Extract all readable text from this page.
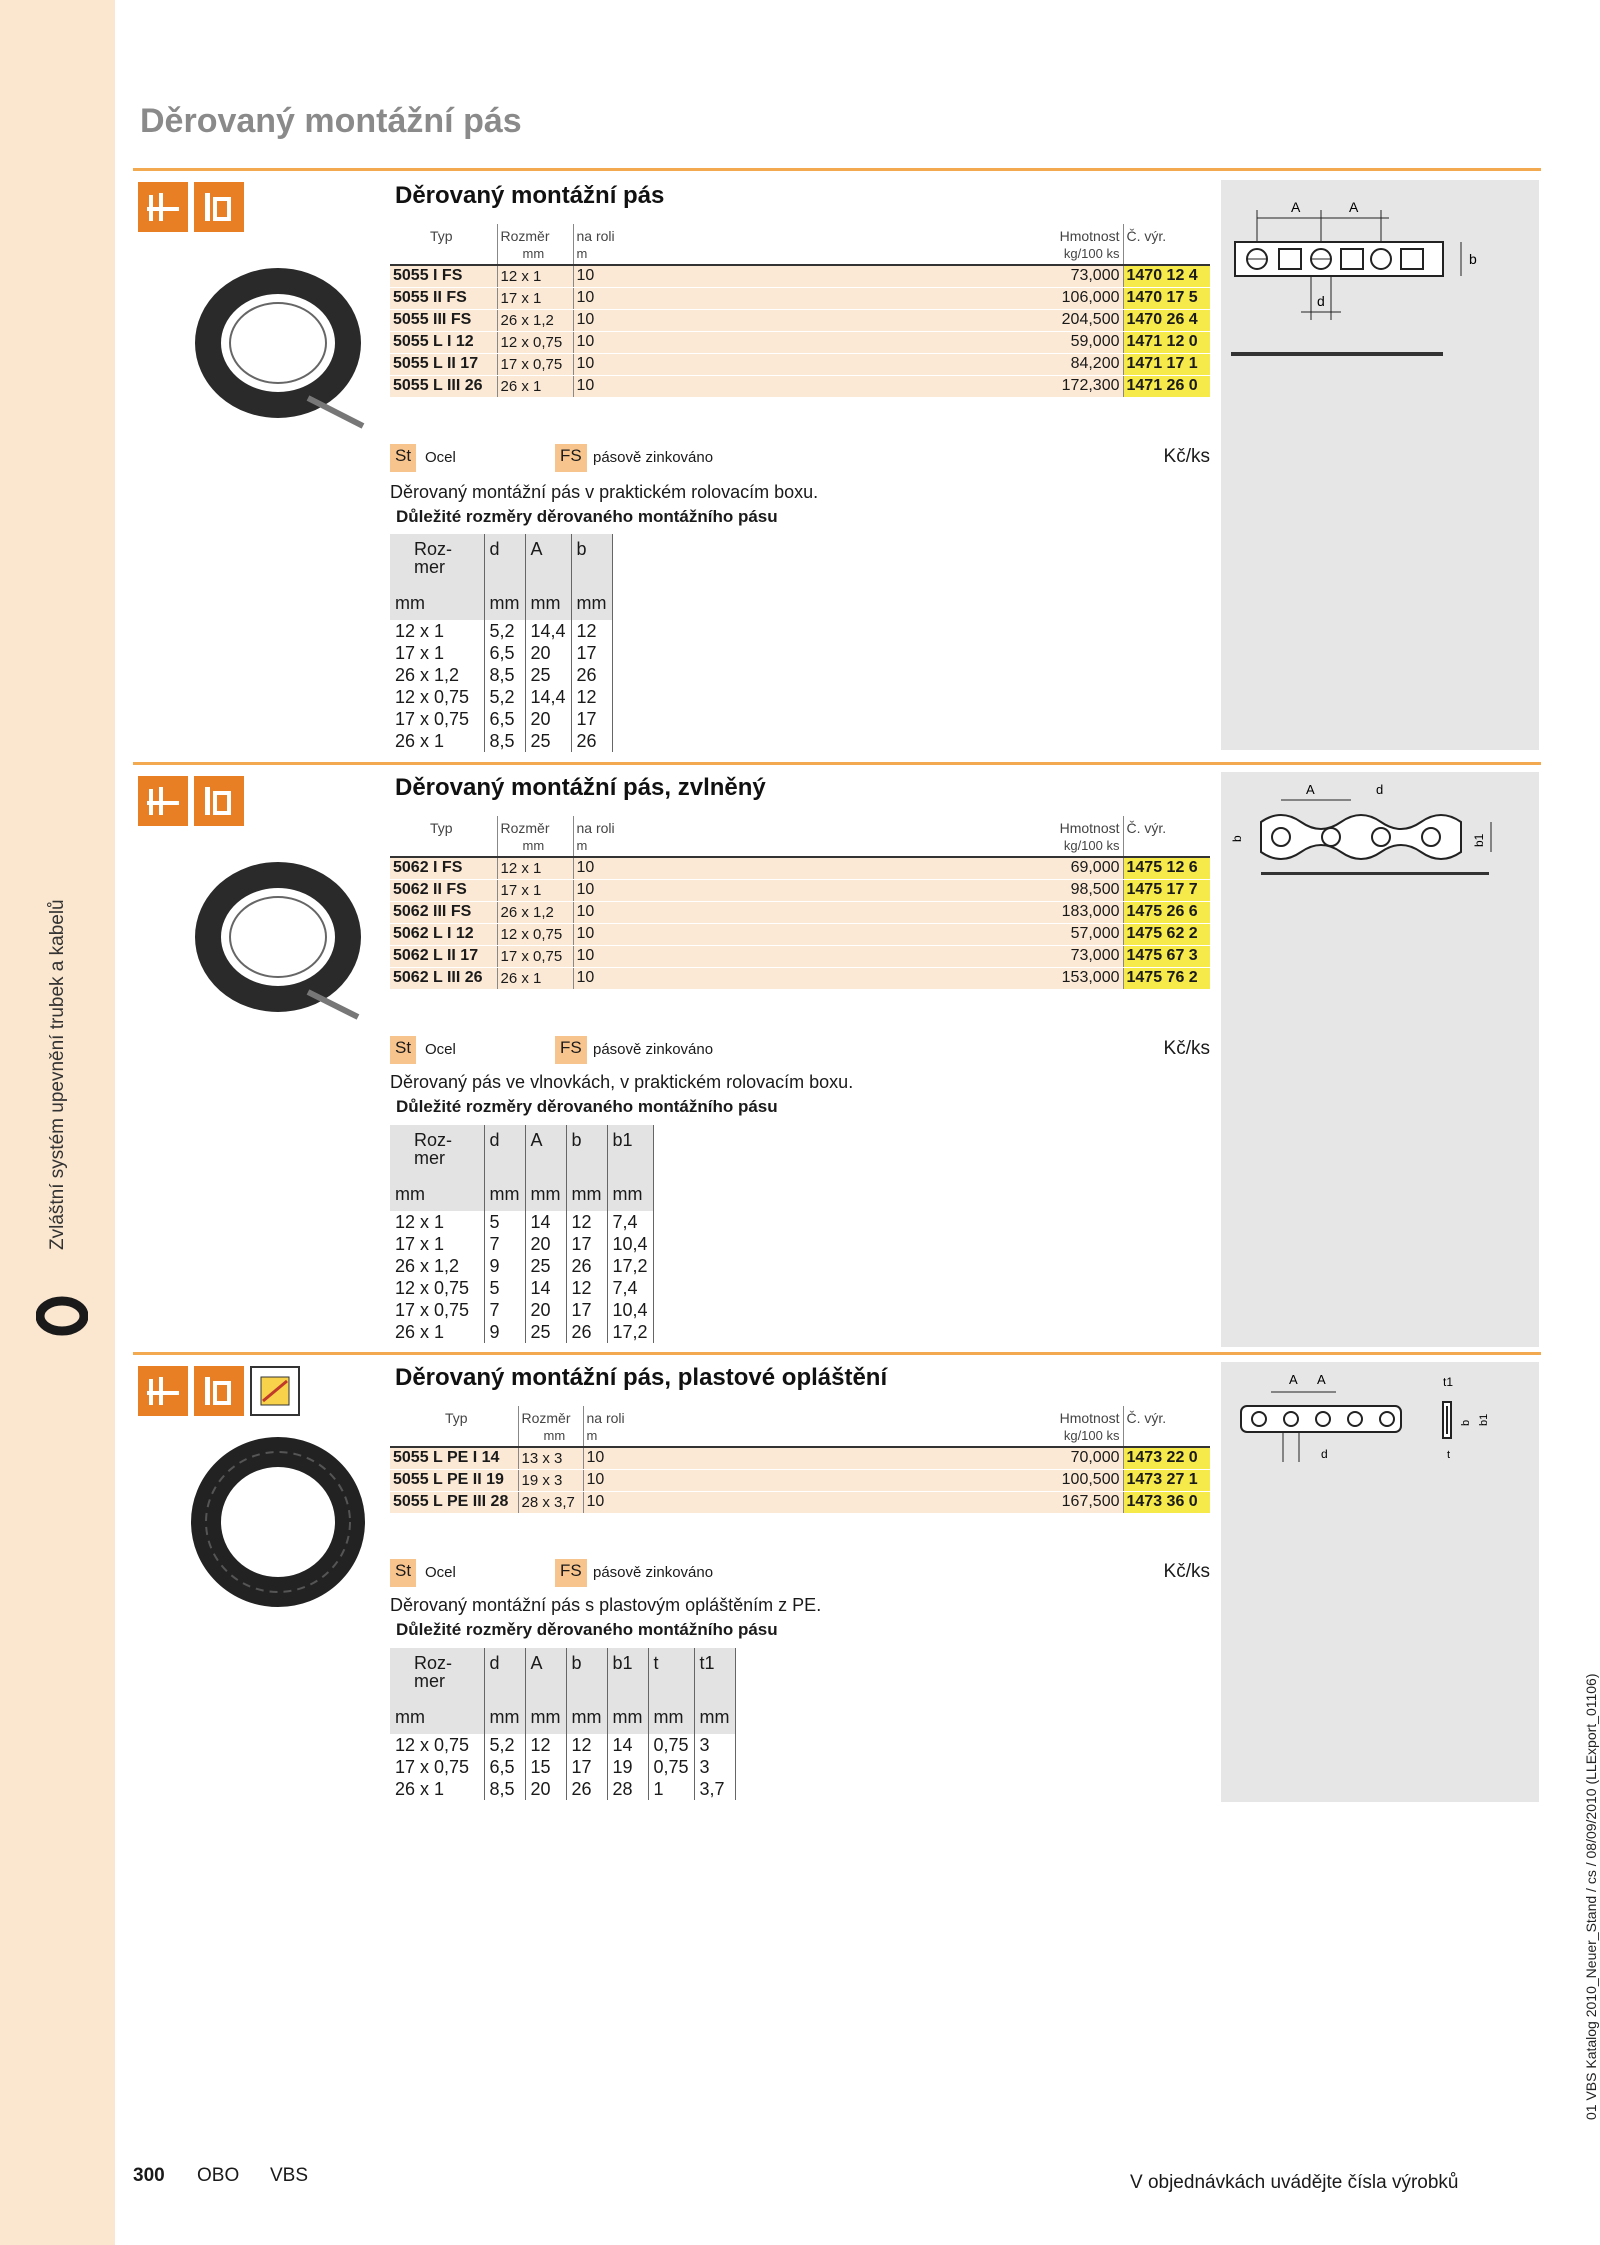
Zvláštní systém upevnění trubek a kabelů
Děrovaný montážní pás
A	A
b
d
Děrovaný montážní pás
Typ	Rozměr	na roli	Hmotnost	Č. výr.
	mm	m	kg/100 ks	
5055 I FS	12 x 1	10	73,000	1470 12 4
5055 II FS	17 x 1	10	106,000	1470 17 5
5055 III FS	26 x 1,2	10	204,500	1470 26 4
5055 L I 12	12 x 0,75	10	59,000	1471 12 0
5055 L II 17	17 x 0,75	10	84,200	1471 17 1
5055 L III 26	26 x 1	10	172,300	1471 26 0
St Ocel	FS pásově zinkováno	Kč/ks
Děrovaný montážní pás v praktickém rolovacím boxu.
Důležité rozměry děrovaného montážního pásu
Roz-mer	d	A	b
mm	mm	mm	mm
12 x 1	5,2	14,4	12
17 x 1	6,5	20	17
26 x 1,2	8,5	25	26
12 x 0,75	5,2	14,4	12
17 x 0,75	6,5	20	17
26 x 1	8,5	25	26
A	d
b	b1
Děrovaný montážní pás, zvlněný
Typ	Rozměr	na roli	Hmotnost	Č. výr.
	mm	m	kg/100 ks	
5062 I FS	12 x 1	10	69,000	1475 12 6
5062 II FS	17 x 1	10	98,500	1475 17 7
5062 III FS	26 x 1,2	10	183,000	1475 26 6
5062 L I 12	12 x 0,75	10	57,000	1475 62 2
5062 L II 17	17 x 0,75	10	73,000	1475 67 3
5062 L III 26	26 x 1	10	153,000	1475 76 2
St Ocel	FS pásově zinkováno	Kč/ks
Děrovaný pás ve vlnovkách, v praktickém rolovacím boxu.
Důležité rozměry děrovaného montážního pásu
Roz-mer	d	A	b	b1
mm	mm	mm	mm	mm
12 x 1	5	14	12	7,4
17 x 1	7	20	17	10,4
26 x 1,2	9	25	26	17,2
12 x 0,75	5	14	12	7,4
17 x 0,75	7	20	17	10,4
26 x 1	9	25	26	17,2
A A
d
t1
b b1
t
Děrovaný montážní pás, plastové opláštění
Typ	Rozměr	na roli	Hmotnost	Č. výr.
	mm	m	kg/100 ks	
5055 L PE I 14	13 x 3	10	70,000	1473 22 0
5055 L PE II 19	19 x 3	10	100,500	1473 27 1
5055 L PE III 28	28 x 3,7	10	167,500	1473 36 0
St Ocel	FS pásově zinkováno	Kč/ks
Děrovaný montážní pás s plastovým opláštěním z PE.
Důležité rozměry děrovaného montážního pásu
Roz-mer	d	A	b	b1	t	t1
mm	mm	mm	mm	mm	mm	mm
12 x 0,75	5,2	12	12	14	0,75	3
17 x 0,75	6,5	15	17	19	0,75	3
26 x 1	8,5	20	26	28	1	3,7	01 VBS Katalog 2010_Neuer_Stand / cs / 08/09/2010 (LLExport_01106)
300 OBO VBS	V objednávkách uvádějte čísla výrobků
